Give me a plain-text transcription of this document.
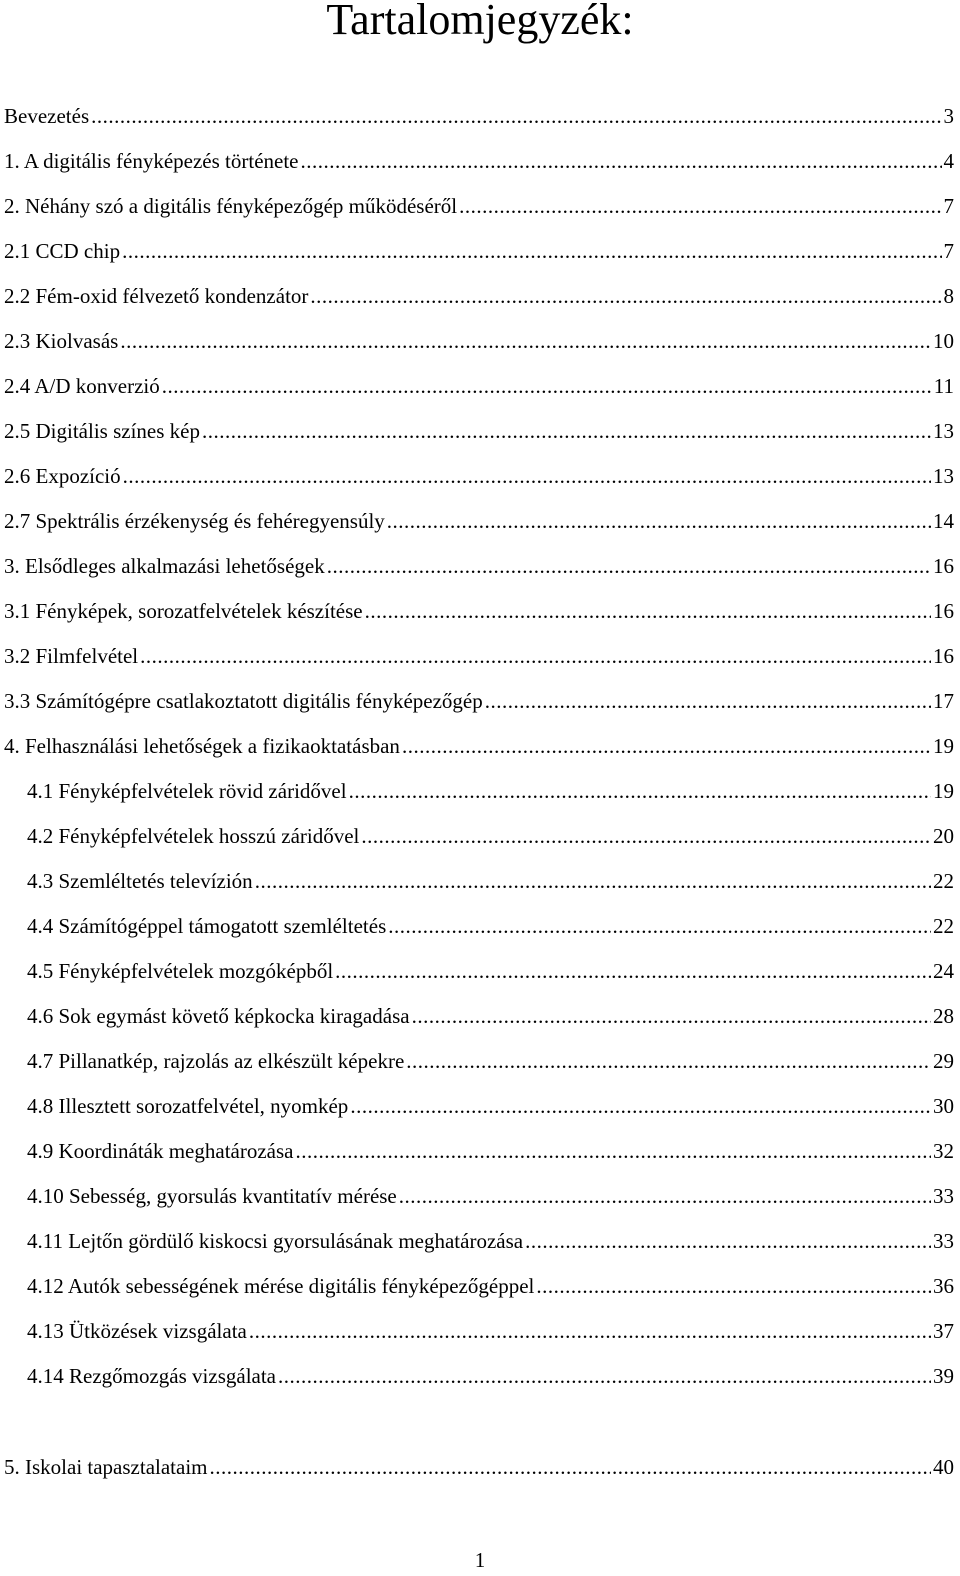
Tartalomjegyzék:
Bevezetés .....	3
1. A digitális fényképezés története .....	4
2. Néhány szó a digitális fényképezőgép működéséről .....	7
2.1 CCD chip .....	7
2.2 Fém-oxid félvezető kondenzátor .....	8
2.3 Kiolvasás .....	10
2.4 A/D konverzió .....	11
2.5 Digitális színes kép .....	13
2.6 Expozíció .....	13
2.7 Spektrális érzékenység és fehéregyensúly .....	14
3. Elsődleges alkalmazási lehetőségek .....	16
3.1 Fényképek, sorozatfelvételek készítése .....	16
3.2 Filmfelvétel .....	16
3.3 Számítógépre csatlakoztatott digitális fényképezőgép .....	17
4. Felhasználási lehetőségek a fizikaoktatásban .....	19
4.1 Fényképfelvételek rövid záridővel .....	19
4.2 Fényképfelvételek hosszú záridővel .....	20
4.3 Szemléltetés televízión .....	22
4.4 Számítógéppel támogatott szemléltetés .....	22
4.5 Fényképfelvételek mozgóképből .....	24
4.6 Sok egymást követő képkocka kiragadása .....	28
4.7 Pillanatkép, rajzolás az elkészült képekre .....	29
4.8 Illesztett sorozatfelvétel, nyomkép .....	30
4.9 Koordináták meghatározása .....	32
4.10 Sebesség, gyorsulás kvantitatív mérése .....	33
4.11 Lejtőn gördülő kiskocsi gyorsulásának meghatározása .....	33
4.12 Autók sebességének mérése digitális fényképezőgéppel .....	36
4.13 Ütközések vizsgálata .....	37
4.14 Rezgőmozgás vizsgálata .....	39
5. Iskolai tapasztalataim .....	40
1
